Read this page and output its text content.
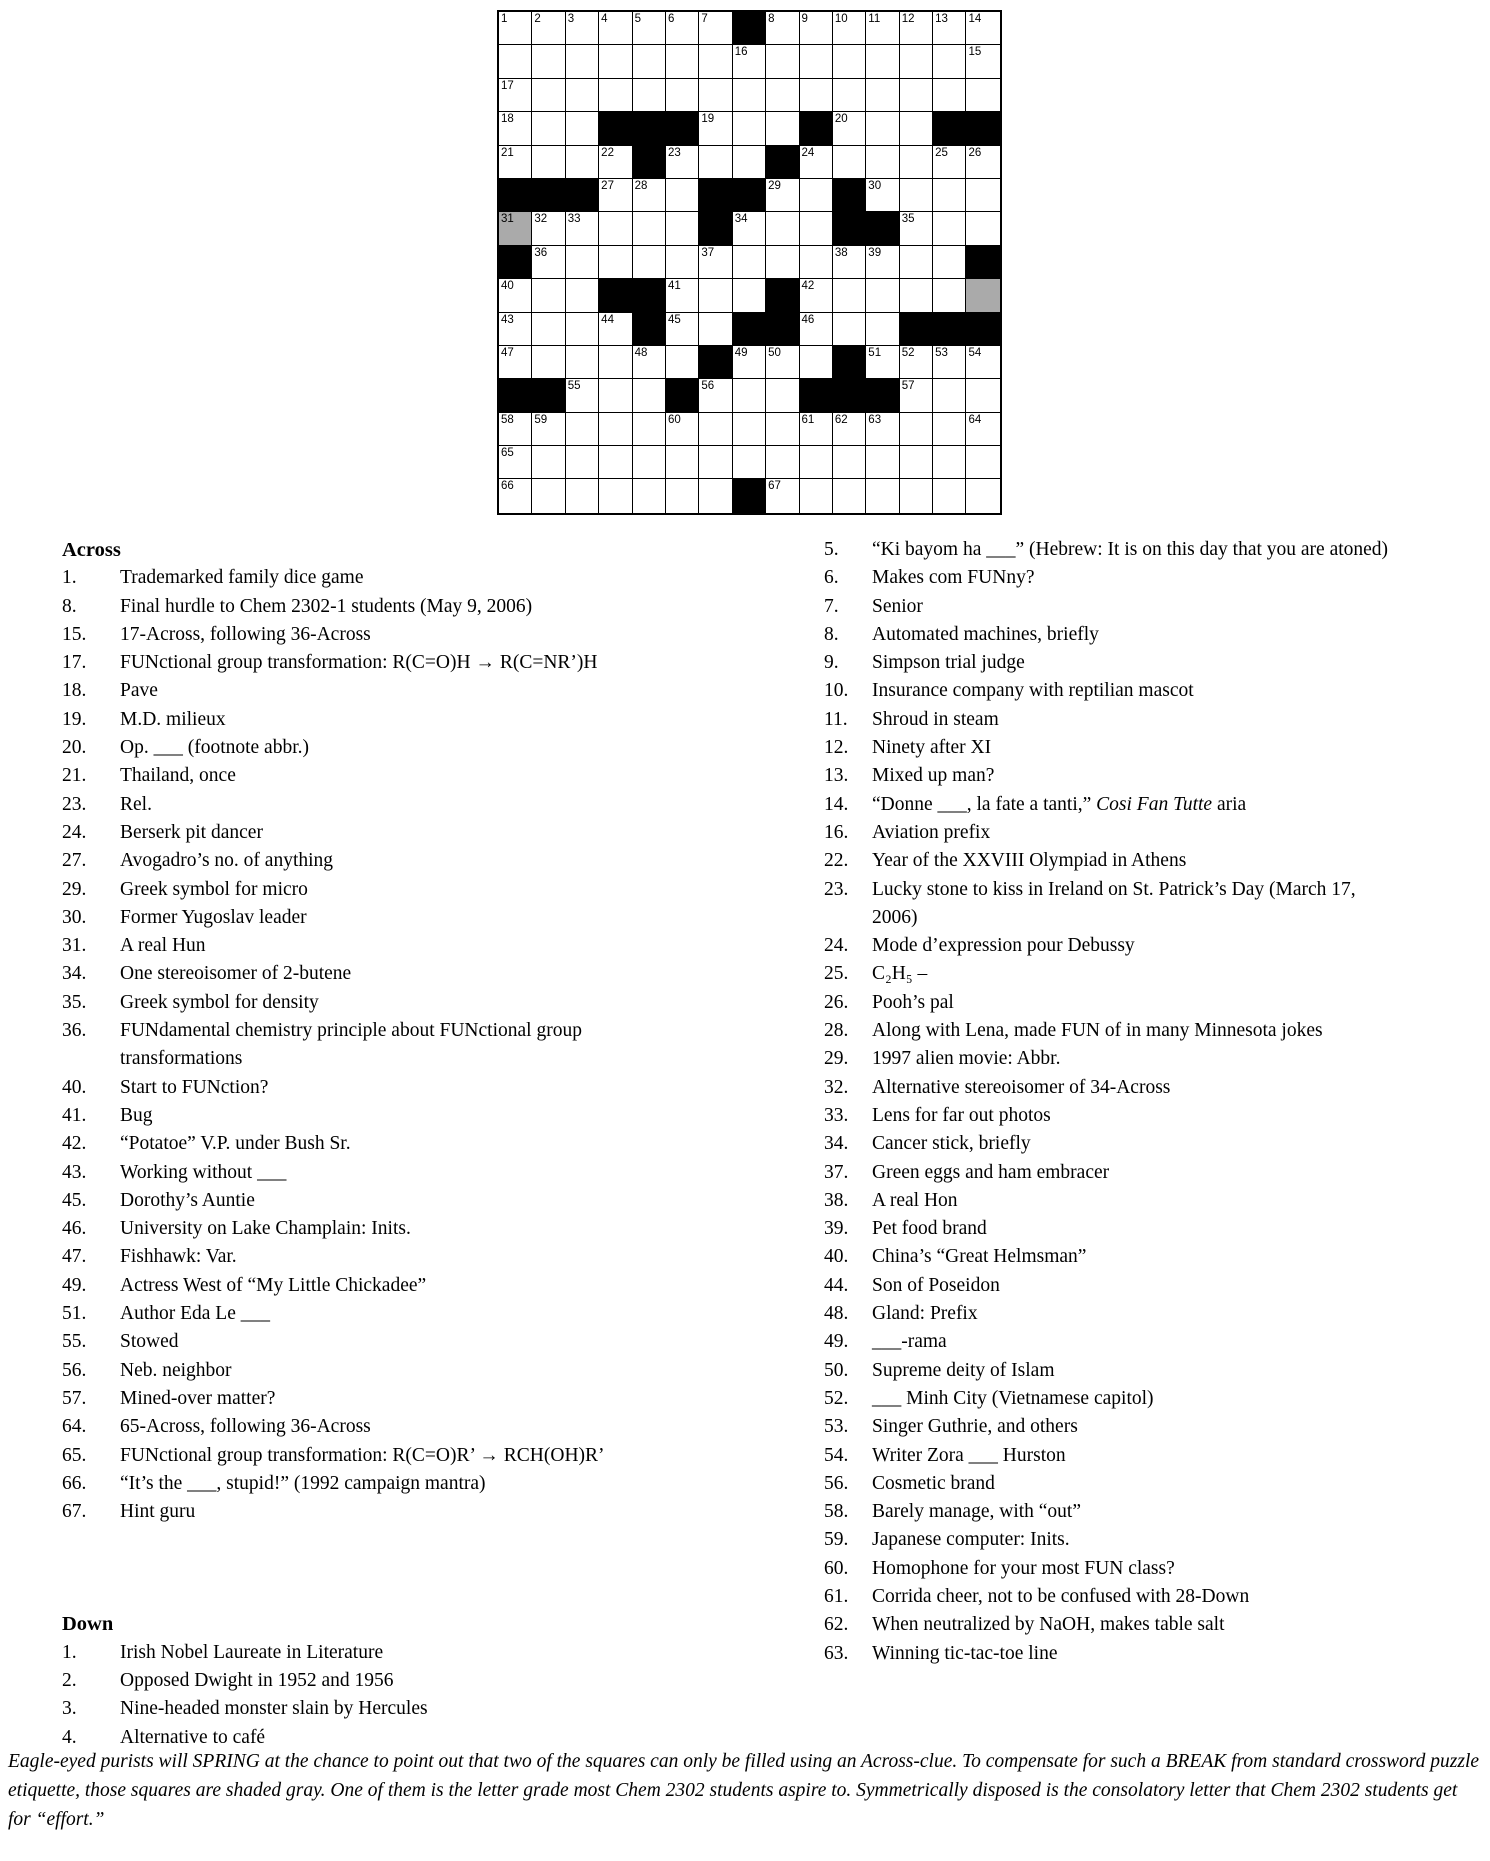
1 2 3 4 5 6 7	8 9 10 11 12 13 14
16	15
17
18	19	20
21	22	23	24	25 26
27 28	29	30
31 32 33	34	35
36	37	38 39
40	41	42
43	44	45	46
47	48	49 50	51 52 53 54
55	56	57
58 59	60	61 62 63	64
65
66	67
Across
1.	Trademarked family dice game
8.	Final hurdle to Chem 2302-1 students (May 9, 2006)
15.	17-Across, following 36-Across
17.	FUNctional group transformation: R(C=O)H → R(C=NR’)H
18.	Pave
19.	M.D. milieux
20.	Op. ___ (footnote abbr.)
21.	Thailand, once
23.	Rel.
24.	Berserk pit dancer
27.	Avogadro’s no. of anything
29.	Greek symbol for micro
30.	Former Yugoslav leader
31.	A real Hun
34.	One stereoisomer of 2-butene
35.	Greek symbol for density
36.	FUNdamental chemistry principle about FUNctional group transformations
40.	Start to FUNction?
41.	Bug
42.	“Potatoe” V.P. under Bush Sr.
43.	Working without ___
45.	Dorothy’s Auntie
46.	University on Lake Champlain: Inits.
47.	Fishhawk: Var.
49.	Actress West of “My Little Chickadee”
51.	Author Eda Le ___
55.	Stowed
56.	Neb. neighbor
57.	Mined-over matter?
64.	65-Across, following 36-Across
65.	FUNctional group transformation: R(C=O)R’ → RCH(OH)R’
66.	“It’s the ___, stupid!” (1992 campaign mantra)
67.	Hint guru
Down
1.	Irish Nobel Laureate in Literature
2.	Opposed Dwight in 1952 and 1956
3.	Nine-headed monster slain by Hercules
4.	Alternative to café
5.	“Ki bayom ha ___” (Hebrew: It is on this day that you are atoned)
6.	Makes com FUNny?
7.	Senior
8.	Automated machines, briefly
9.	Simpson trial judge
10.	Insurance company with reptilian mascot
11.	Shroud in steam
12.	Ninety after XI
13.	Mixed up man?
14.	“Donne ___, la fate a tanti,” Cosi Fan Tutte aria
16.	Aviation prefix
22.	Year of the XXVIII Olympiad in Athens
23.	Lucky stone to kiss in Ireland on St. Patrick’s Day (March 17, 2006)
24.	Mode d’expression pour Debussy
25.	C₂H₅ –
26.	Pooh’s pal
28.	Along with Lena, made FUN of in many Minnesota jokes
29.	1997 alien movie: Abbr.
32.	Alternative stereoisomer of 34-Across
33.	Lens for far out photos
34.	Cancer stick, briefly
37.	Green eggs and ham embracer
38.	A real Hon
39.	Pet food brand
40.	China’s “Great Helmsman”
44.	Son of Poseidon
48.	Gland: Prefix
49.	___-rama
50.	Supreme deity of Islam
52.	___ Minh City (Vietnamese capitol)
53.	Singer Guthrie, and others
54.	Writer Zora ___ Hurston
56.	Cosmetic brand
58.	Barely manage, with “out”
59.	Japanese computer: Inits.
60.	Homophone for your most FUN class?
61.	Corrida cheer, not to be confused with 28-Down
62.	When neutralized by NaOH, makes table salt
63.	Winning tic-tac-toe line
Eagle-eyed purists will SPRING at the chance to point out that two of the squares can only be filled using an Across-clue. To compensate for such a BREAK from standard crossword puzzle etiquette, those squares are shaded gray. One of them is the letter grade most Chem 2302 students aspire to. Symmetrically disposed is the consolatory letter that Chem 2302 students get for “effort.”
